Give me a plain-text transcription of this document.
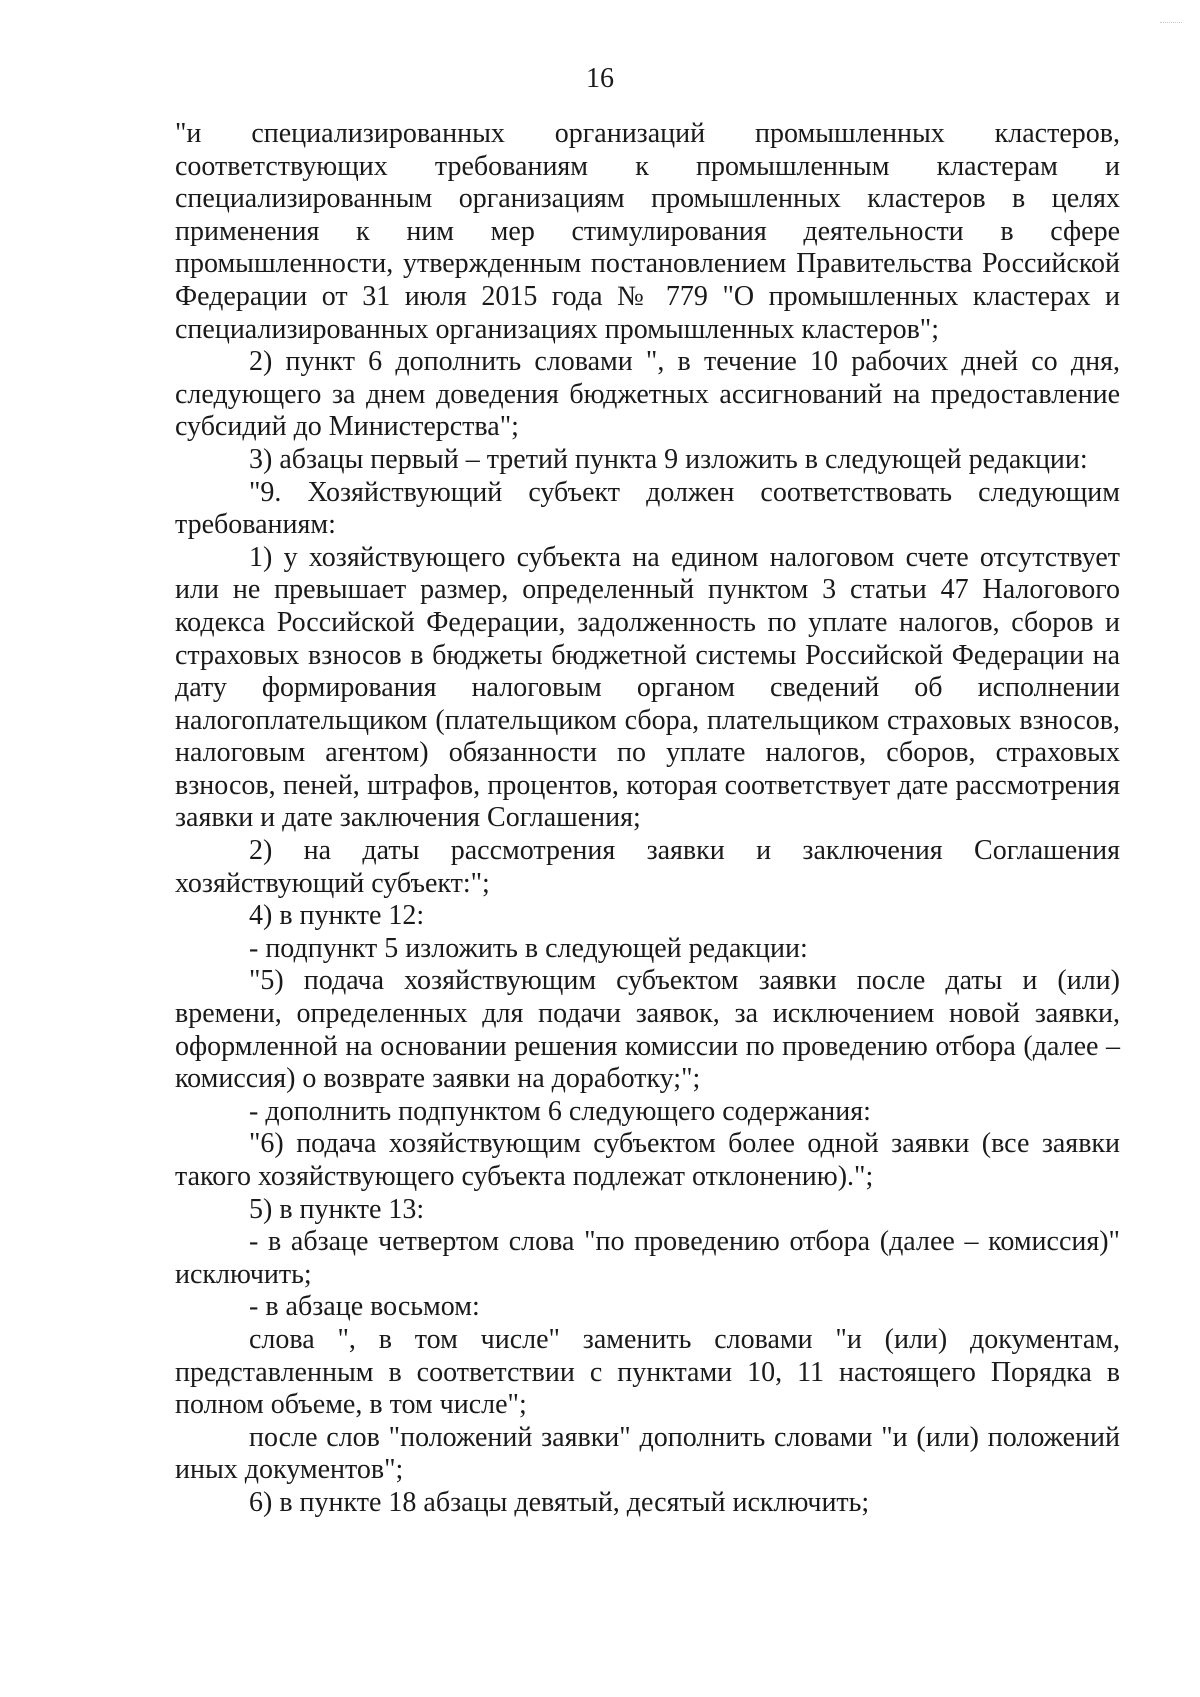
16

"и специализированных организаций промышленных кластеров, соответствующих требованиям к промышленным кластерам и специализированным организациям промышленных кластеров в целях применения к ним мер стимулирования деятельности в сфере промышленности, утвержденным постановлением Правительства Российской Федерации от 31 июля 2015 года № 779 "О промышленных кластерах и специализированных организациях промышленных кластеров";

2) пункт 6 дополнить словами ", в течение 10 рабочих дней со дня, следующего за днем доведения бюджетных ассигнований на предоставление субсидий до Министерства";

3) абзацы первый – третий пункта 9 изложить в следующей редакции:

"9. Хозяйствующий субъект должен соответствовать следующим требованиям:

1) у хозяйствующего субъекта на едином налоговом счете отсутствует или не превышает размер, определенный пунктом 3 статьи 47 Налогового кодекса Российской Федерации, задолженность по уплате налогов, сборов и страховых взносов в бюджеты бюджетной системы Российской Федерации на дату формирования налоговым органом сведений об исполнении налогоплательщиком (плательщиком сбора, плательщиком страховых взносов, налоговым агентом) обязанности по уплате налогов, сборов, страховых взносов, пеней, штрафов, процентов, которая соответствует дате рассмотрения заявки и дате заключения Соглашения;

2) на даты рассмотрения заявки и заключения Соглашения хозяйствующий субъект:";

4) в пункте 12:

- подпункт 5 изложить в следующей редакции:

"5) подача хозяйствующим субъектом заявки после даты и (или) времени, определенных для подачи заявок, за исключением новой заявки, оформленной на основании решения комиссии по проведению отбора (далее – комиссия) о возврате заявки на доработку;";

- дополнить подпунктом 6 следующего содержания:

"6) подача хозяйствующим субъектом более одной заявки (все заявки такого хозяйствующего субъекта подлежат отклонению).";

5) в пункте 13:

- в абзаце четвертом слова "по проведению отбора (далее – комиссия)" исключить;

- в абзаце восьмом:

слова ", в том числе" заменить словами "и (или) документам, представленным в соответствии с пунктами 10, 11 настоящего Порядка в полном объеме, в том числе";

после слов "положений заявки" дополнить словами "и (или) положений иных документов";

6) в пункте 18 абзацы девятый, десятый исключить;
